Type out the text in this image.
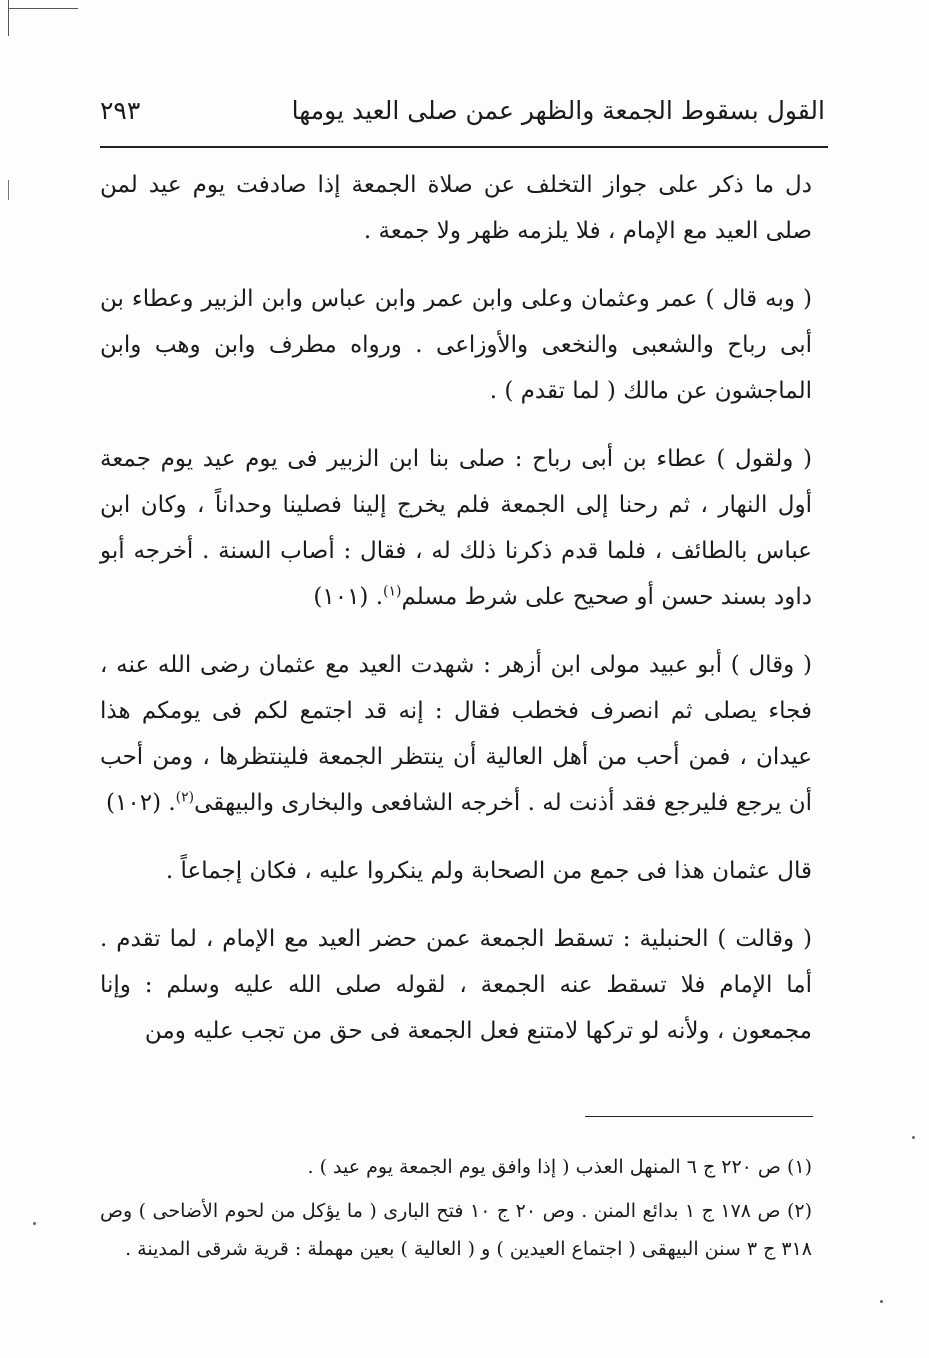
القول بسقوط الجمعة والظهر عمن صلى العيد يومها
٢٩٣

دل ما ذكر على جواز التخلف عن صلاة الجمعة إذا صادفت يوم عيد لمن صلى العيد مع الإمام ، فلا يلزمه ظهر ولا جمعة .

( وبه قال ) عمر وعثمان وعلى وابن عمر وابن عباس وابن الزبير وعطاء بن أبى رباح والشعبى والنخعى والأوزاعى . ورواه مطرف وابن وهب وابن الماجشون عن مالك ( لما تقدم ) .

( ولقول ) عطاء بن أبى رباح : صلى بنا ابن الزبير فى يوم عيد يوم جمعة أول النهار ، ثم رحنا إلى الجمعة فلم يخرج إلينا فصلينا وحداناً ، وكان ابن عباس بالطائف ، فلما قدم ذكرنا ذلك له ، فقال : أصاب السنة . أخرجه أبو داود بسند حسن أو صحيح على شرط مسلم$^{(١)}$. (١٠١)

( وقال ) أبو عبيد مولى ابن أزهر : شهدت العيد مع عثمان رضى الله عنه ، فجاء يصلى ثم انصرف فخطب فقال : إنه قد اجتمع لكم فى يومكم هذا عيدان ، فمن أحب من أهل العالية أن ينتظر الجمعة فلينتظرها ، ومن أحب أن يرجع فليرجع فقد أذنت له . أخرجه الشافعى والبخارى والبيهقى$^{(٢)}$. (١٠٢)

قال عثمان هذا فى جمع من الصحابة ولم ينكروا عليه ، فكان إجماعاً .

( وقالت ) الحنبلية : تسقط الجمعة عمن حضر العيد مع الإمام ، لما تقدم . أما الإمام فلا تسقط عنه الجمعة ، لقوله صلى الله عليه وسلم : وإنا مجمعون ، ولأنه لو تركها لامتنع فعل الجمعة فى حق من تجب عليه ومن

(١) ص ٢٢٠ ج ٦ المنهل العذب ( إذا وافق يوم الجمعة يوم عيد ) .

(٢) ص ١٧٨ ج ١ بدائع المنن . وص ٢٠ ج ١٠ فتح البارى ( ما يؤكل من لحوم الأضاحى ) وص ٣١٨ ج ٣ سنن البيهقى ( اجتماع العيدين ) و ( العالية ) بعين مهملة : قرية شرقى المدينة .
